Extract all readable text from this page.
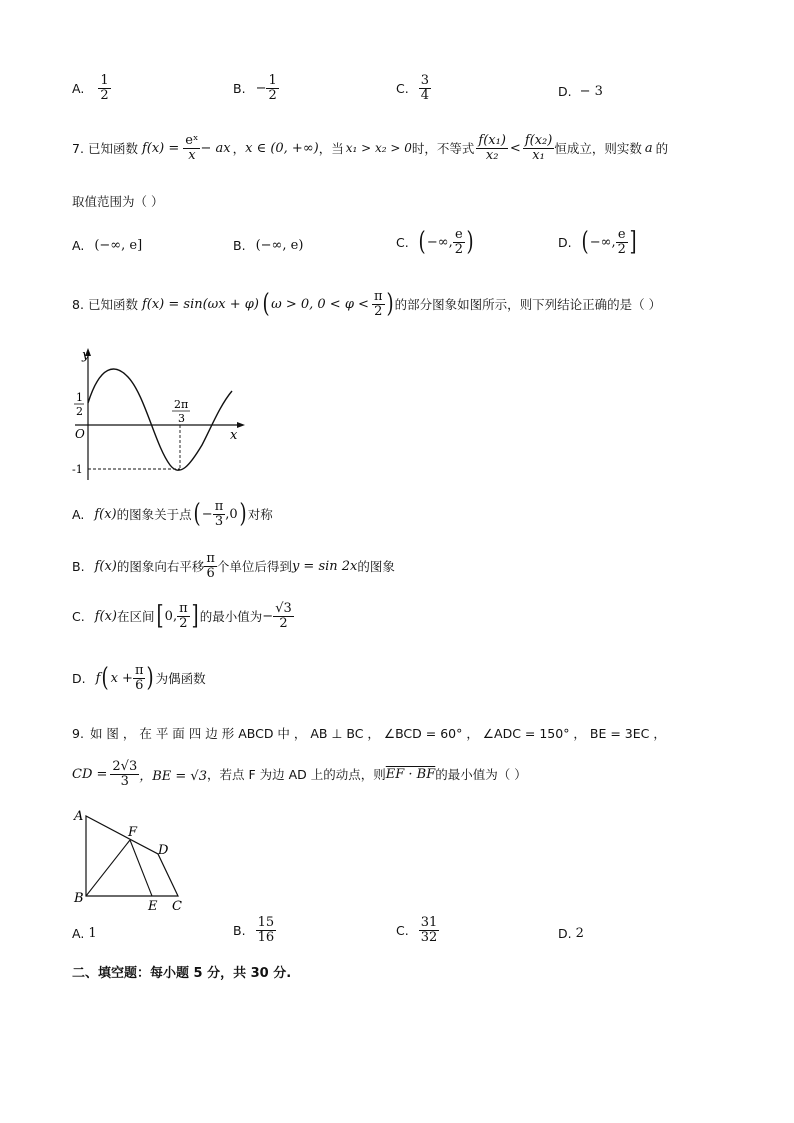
A. $\frac{1}{2}$	B. − $\frac{1}{2}$	C. $\frac{3}{4}$	D. − 3
7. 已知函数 $f(x) = \frac{\text{eˣ}}{x}$ − ax ， x ∈ (0, +∞) ，当 x₁ > x₂ > 0 时，不等式 $\frac{\text{f(x₁)}}{\text{x₂}} < \frac{\text{f(x₂)}}{\text{x₁}}$ 恒成立，则实数 a 的
取值范围为（ ）
A. (−∞, e]	B. (−∞, e)	C. ( −∞, $\frac{e}{2}$ )	D. ( −∞, $\frac{e}{2}$ ]
8. 已知函数 f(x) = sin(ωx + φ) ( ω > 0, $0 < \varphi < \frac{\pi}{2}$ ) 的部分图象如图所示，则下列结论正确的是（ ）
y
x
O
1
2
2π
3
-1
A. f(x) 的图象关于点 ( − $\frac{\pi}{3} ,0$ ) 对称
B. f(x) 的图象向右平移 $\frac{\pi}{6}$ 个单位后得到 y = sin 2x 的图象
C. f(x) 在区间 [ 0, $\frac{\pi}{2}$ ] 的最小值为 − $\frac{√3}{2}$
D. f ( $x + \frac{\pi}{6}$ ) 为偶函数
9. 如 图 ， 在 平 面 四 边 形 ABCD 中 ， AB ⊥ BC ， ∠BCD = 60° ， ∠ADC = 150° ， BE = 3EC ，
CD = $\frac{2√3}{3}$ ，BE = √3 ，若点 F 为边 AD 上的动点，则 EF · BF 的最小值为（ ）
A
B
C
D
E
F
A. 1	B. $\frac{15}{16}$	C. $\frac{31}{32}$	D. 2
二、填空题：每小题 5 分，共 30 分.
